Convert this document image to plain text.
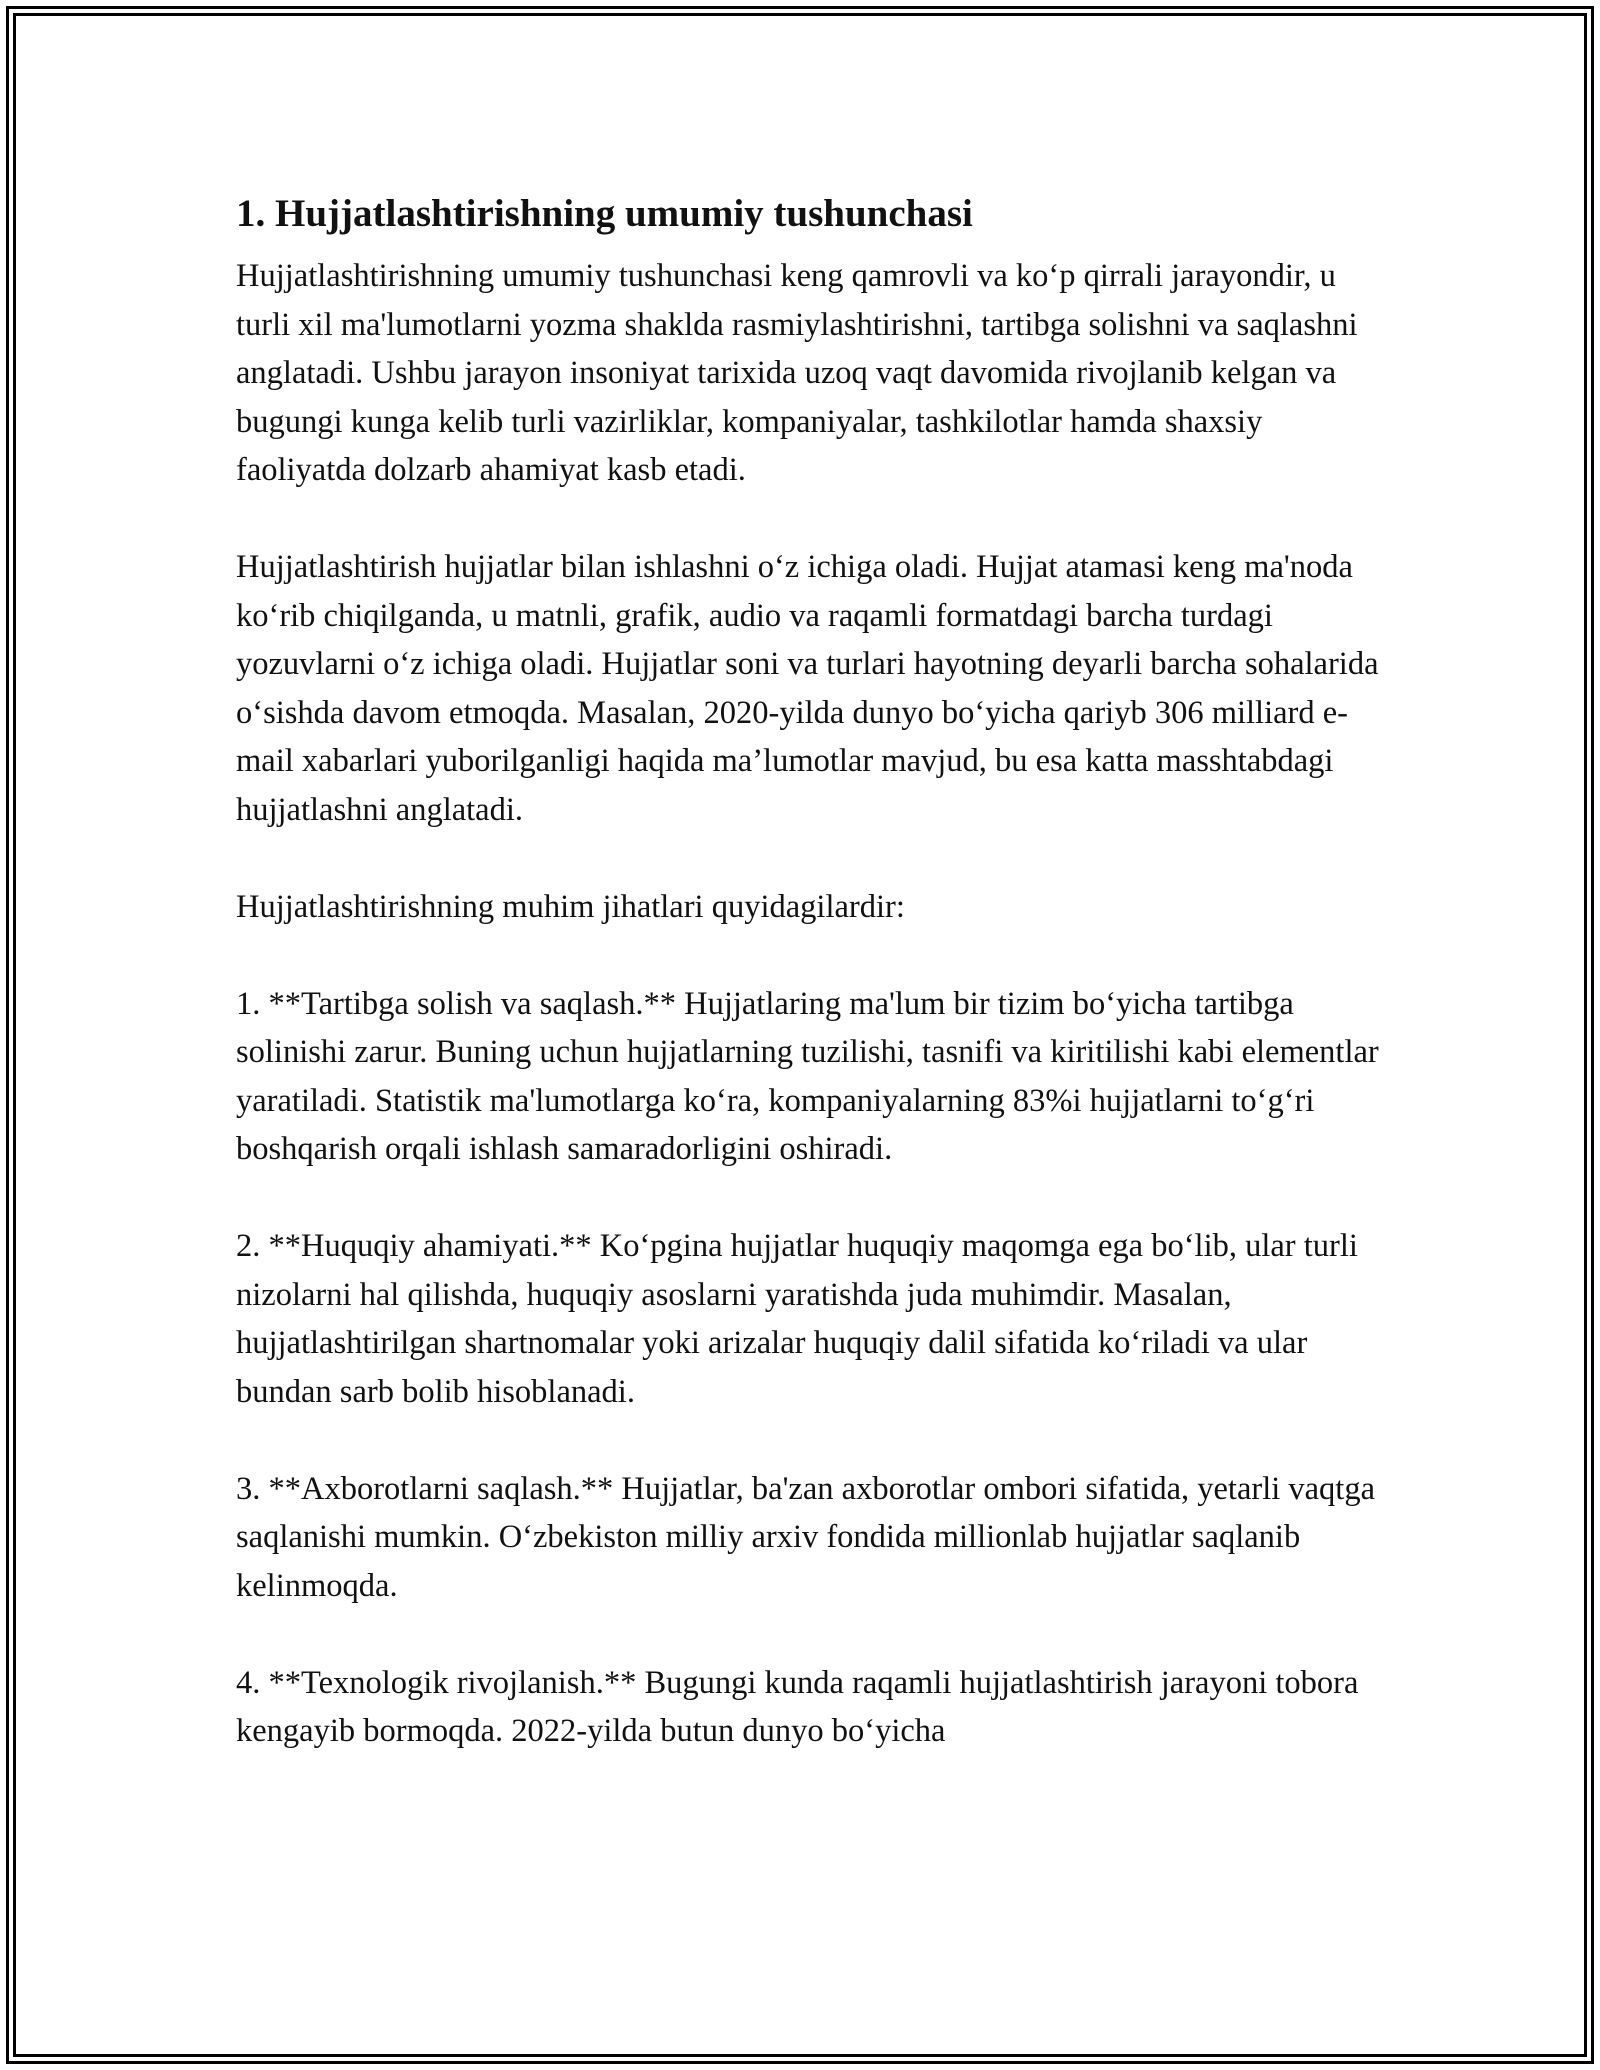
1. Hujjatlashtirishning umumiy tushunchasi

Hujjatlashtirishning umumiy tushunchasi keng qamrovli va ko‘p qirrali jarayondir, u turli xil ma'lumotlarni yozma shaklda rasmiylashtirishni, tartibga solishni va saqlashni anglatadi. Ushbu jarayon insoniyat tarixida uzoq vaqt davomida rivojlanib kelgan va bugungi kunga kelib turli vazirliklar, kompaniyalar, tashkilotlar hamda shaxsiy faoliyatda dolzarb ahamiyat kasb etadi.

Hujjatlashtirish hujjatlar bilan ishlashni o‘z ichiga oladi. Hujjat atamasi keng ma'noda ko‘rib chiqilganda, u matnli, grafik, audio va raqamli formatdagi barcha turdagi yozuvlarni o‘z ichiga oladi. Hujjatlar soni va turlari hayotning deyarli barcha sohalarida o‘sishda davom etmoqda. Masalan, 2020-yilda dunyo bo‘yicha qariyb 306 milliard e-mail xabarlari yuborilganligi haqida ma’lumotlar mavjud, bu esa katta masshtabdagi hujjatlashni anglatadi.

Hujjatlashtirishning muhim jihatlari quyidagilardir:

1. **Tartibga solish va saqlash.** Hujjatlaring ma'lum bir tizim bo‘yicha tartibga solinishi zarur. Buning uchun hujjatlarning tuzilishi, tasnifi va kiritilishi kabi elementlar yaratiladi. Statistik ma'lumotlarga ko‘ra, kompaniyalarning 83%i hujjatlarni to‘g‘ri boshqarish orqali ishlash samaradorligini oshiradi.

2. **Huquqiy ahamiyati.** Ko‘pgina hujjatlar huquqiy maqomga ega bo‘lib, ular turli nizolarni hal qilishda, huquqiy asoslarni yaratishda juda muhimdir. Masalan, hujjatlashtirilgan shartnomalar yoki arizalar huquqiy dalil sifatida ko‘riladi va ular bundan sarb bolib hisoblanadi.

3. **Axborotlarni saqlash.** Hujjatlar, ba'zan axborotlar ombori sifatida, yetarli vaqtga saqlanishi mumkin. O‘zbekiston milliy arxiv fondida millionlab hujjatlar saqlanib kelinmoqda.

4. **Texnologik rivojlanish.** Bugungi kunda raqamli hujjatlashtirish jarayoni tobora kengayib bormoqda. 2022-yilda butun dunyo bo‘yicha
